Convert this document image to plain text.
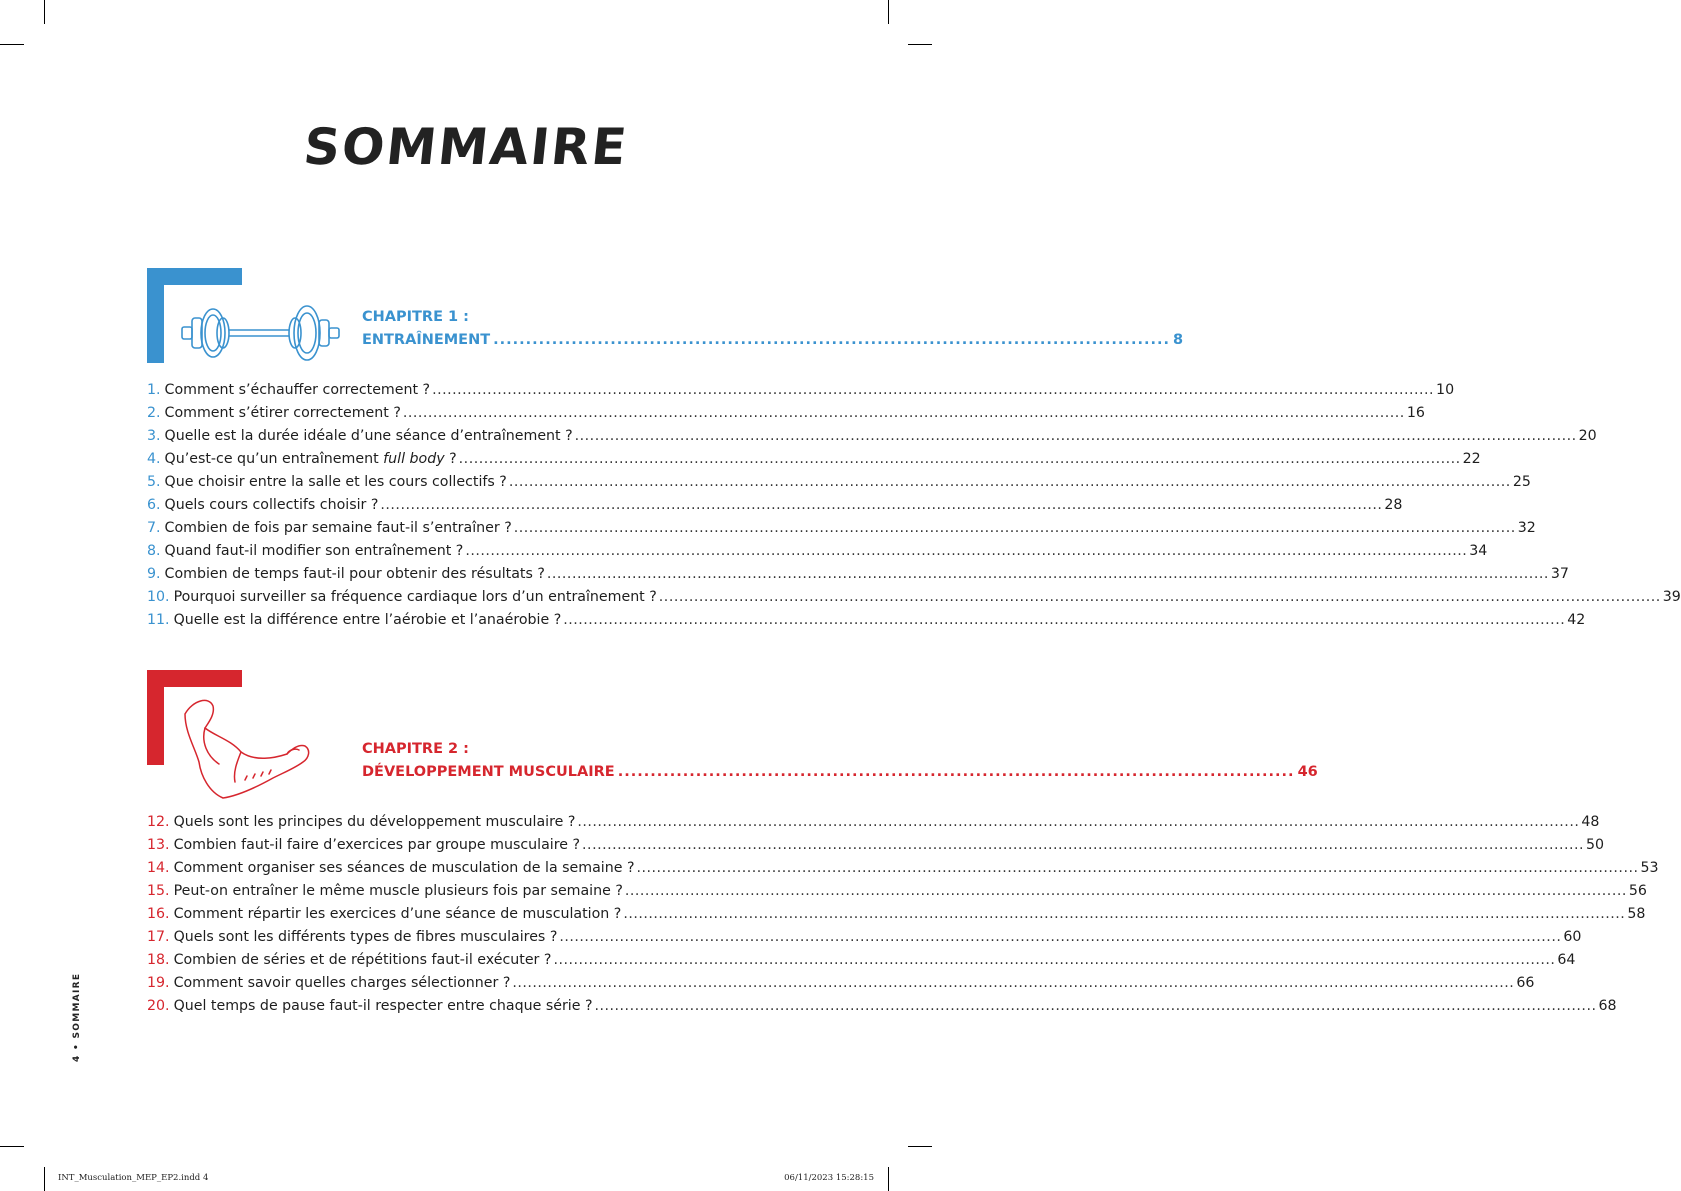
SOMMAIRE
CHAPITRE 1 :
ENTRAÎNEMENT ........................................................................................................ 8
1. Comment s’échauffer correctement ? ........................................................................................................................................................................................................ 10
2. Comment s’étirer correctement ? ........................................................................................................................................................................................................ 16
3. Quelle est la durée idéale d’une séance d’entraînement ? ........................................................................................................................................................................................................ 20
4. Qu’est-ce qu’un entraînement full body ? ........................................................................................................................................................................................................ 22
5. Que choisir entre la salle et les cours collectifs ? ........................................................................................................................................................................................................ 25
6. Quels cours collectifs choisir ? ........................................................................................................................................................................................................ 28
7. Combien de fois par semaine faut-il s’entraîner ? ........................................................................................................................................................................................................ 32
8. Quand faut-il modifier son entraînement ? ........................................................................................................................................................................................................ 34
9. Combien de temps faut-il pour obtenir des résultats ? ........................................................................................................................................................................................................ 37
10. Pourquoi surveiller sa fréquence cardiaque lors d’un entraînement ? ........................................................................................................................................................................................................ 39
11. Quelle est la différence entre l’aérobie et l’anaérobie ? ........................................................................................................................................................................................................ 42
CHAPITRE 2 :
DÉVELOPPEMENT MUSCULAIRE ........................................................................................................ 46
12. Quels sont les principes du développement musculaire ? ........................................................................................................................................................................................................ 48
13. Combien faut-il faire d’exercices par groupe musculaire ? ........................................................................................................................................................................................................ 50
14. Comment organiser ses séances de musculation de la semaine ? ........................................................................................................................................................................................................ 53
15. Peut-on entraîner le même muscle plusieurs fois par semaine ? ........................................................................................................................................................................................................ 56
16. Comment répartir les exercices d’une séance de musculation ? ........................................................................................................................................................................................................ 58
17. Quels sont les différents types de fibres musculaires ? ........................................................................................................................................................................................................ 60
18. Combien de séries et de répétitions faut-il exécuter ? ........................................................................................................................................................................................................ 64
19. Comment savoir quelles charges sélectionner ? ........................................................................................................................................................................................................ 66
20. Quel temps de pause faut-il respecter entre chaque série ? ........................................................................................................................................................................................................ 68
4 • SOMMAIRE
INT_Musculation_MEP_EP2.indd 4	06/11/2023 15:28:15
